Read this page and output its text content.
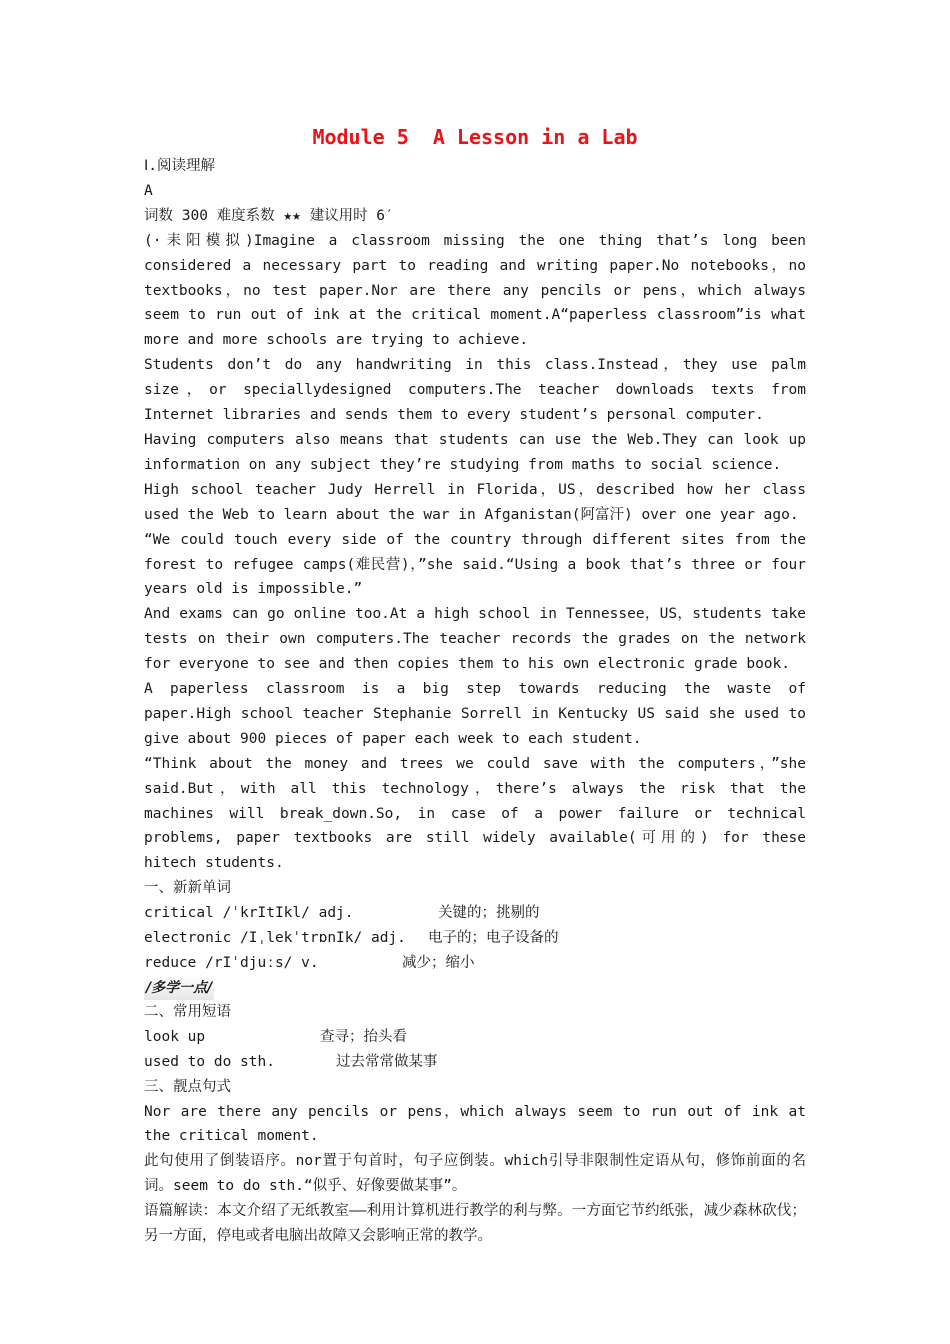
Module 5  A Lesson in a Lab
Ⅰ.阅读理解
A
词数 300 难度系数 ★★ 建议用时 6′
(·耒阳模拟)Imagine a classroom missing the one thing that’s long been considered a necessary part to reading and writing paper.No notebooks，no textbooks，no test paper.Nor are there any pencils or pens，which always seem to run out of ink at the critical moment.A“paperless classroom”is what more and more schools are trying to achieve.
Students don’t do any handwriting in this class.Instead，they use palm size，or speciallydesigned computers.The teacher downloads texts from Internet libraries and sends them to every student’s personal computer.
Having computers also means that students can use the Web.They can look up information on any subject they’re studying from maths to social science.
High school teacher Judy Herrell in Florida，US，described how her class used the Web to learn about the war in Afganistan(阿富汗) over one year ago.
“We could touch every side of the country through different sites from the forest to refugee camps(难民营)，”she said.“Using a book that’s three or four years old is impossible.”
And exams can go online too.At a high school in Tennessee，US，students take tests on their own computers.The teacher records the grades on the network for everyone to see and then copies them to his own electronic grade book.
A paperless classroom is a big step towards reducing the waste of paper.High school teacher Stephanie Sorrell in Kentucky US said she used to give about 900 pieces of paper each week to each student.
“Think about the money and trees we could save with the computers，”she said.But，with all this technology，there’s always the risk that the machines will break_down.So, in case of a power failure or technical problems, paper textbooks are still widely available(可用的) for these hitech students.
一、新新单词
critical /ˈkrItIkl/ adj.	关键的；挑剔的
electronic /IˌlekˈtrɒnIk/ adj.	电子的；电子设备的
reduce /rIˈdjuːs/ v.	减少；缩小
/多学一点/
二、常用短语
look up	查寻；抬头看
used to do sth.	过去常常做某事
三、靓点句式
Nor are there any pencils or pens，which always seem to run out of ink at the critical moment.
此句使用了倒装语序。nor置于句首时，句子应倒装。which引导非限制性定语从句，修饰前面的名词。seem to do sth.“似乎、好像要做某事”。
语篇解读：本文介绍了无纸教室——利用计算机进行教学的利与弊。一方面它节约纸张，减少森林砍伐；另一方面，停电或者电脑出故障又会影响正常的教学。
